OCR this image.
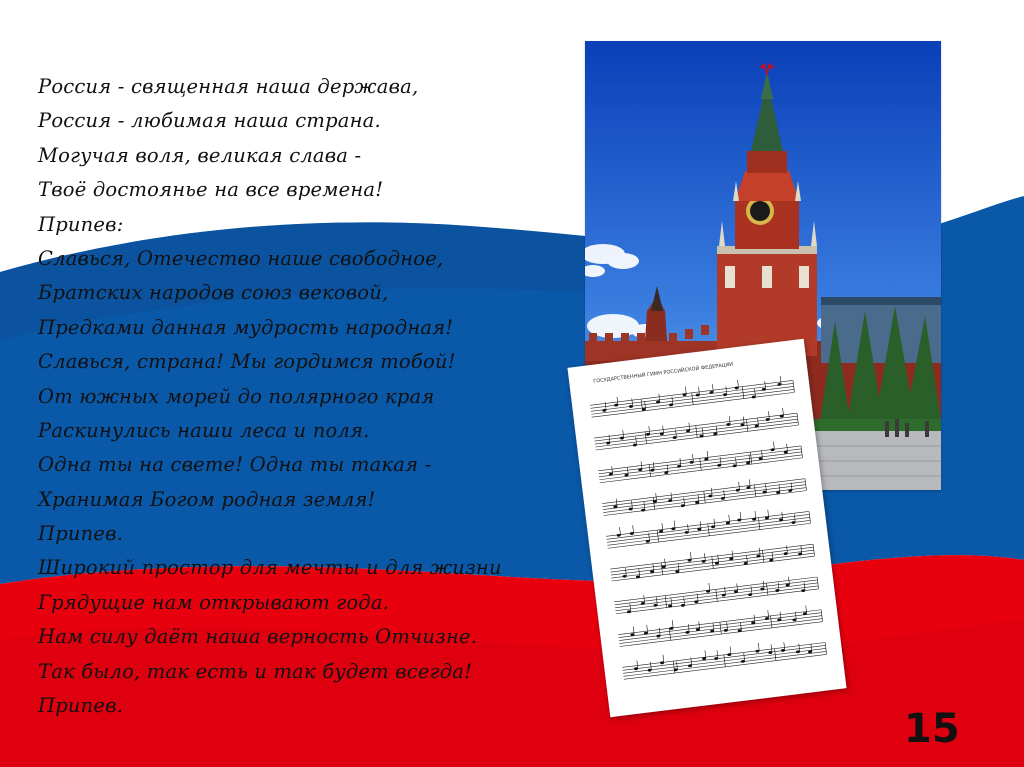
Россия - священная наша держава,
Россия - любимая наша страна.
Могучая воля, великая слава -
Твоё достоянье на все времена!
Припев:
Славься, Отечество наше свободное,
Братских народов союз вековой,
Предками данная мудрость народная!
Славься, страна! Мы гордимся тобой!
От южных морей до полярного края
Раскинулись наши леса и поля.
Одна ты на свете! Одна ты такая -
Хранимая Богом родная земля!
Припев.
Широкий простор для мечты и для жизни
Грядущие нам открывают года.
Нам силу даёт наша верность Отчизне.
Так было, так есть и так будет всегда!
Припев.
ГОСУДАРСТВЕННЫЙ ГИМН РОССИЙСКОЙ ФЕДЕРАЦИИ
15
